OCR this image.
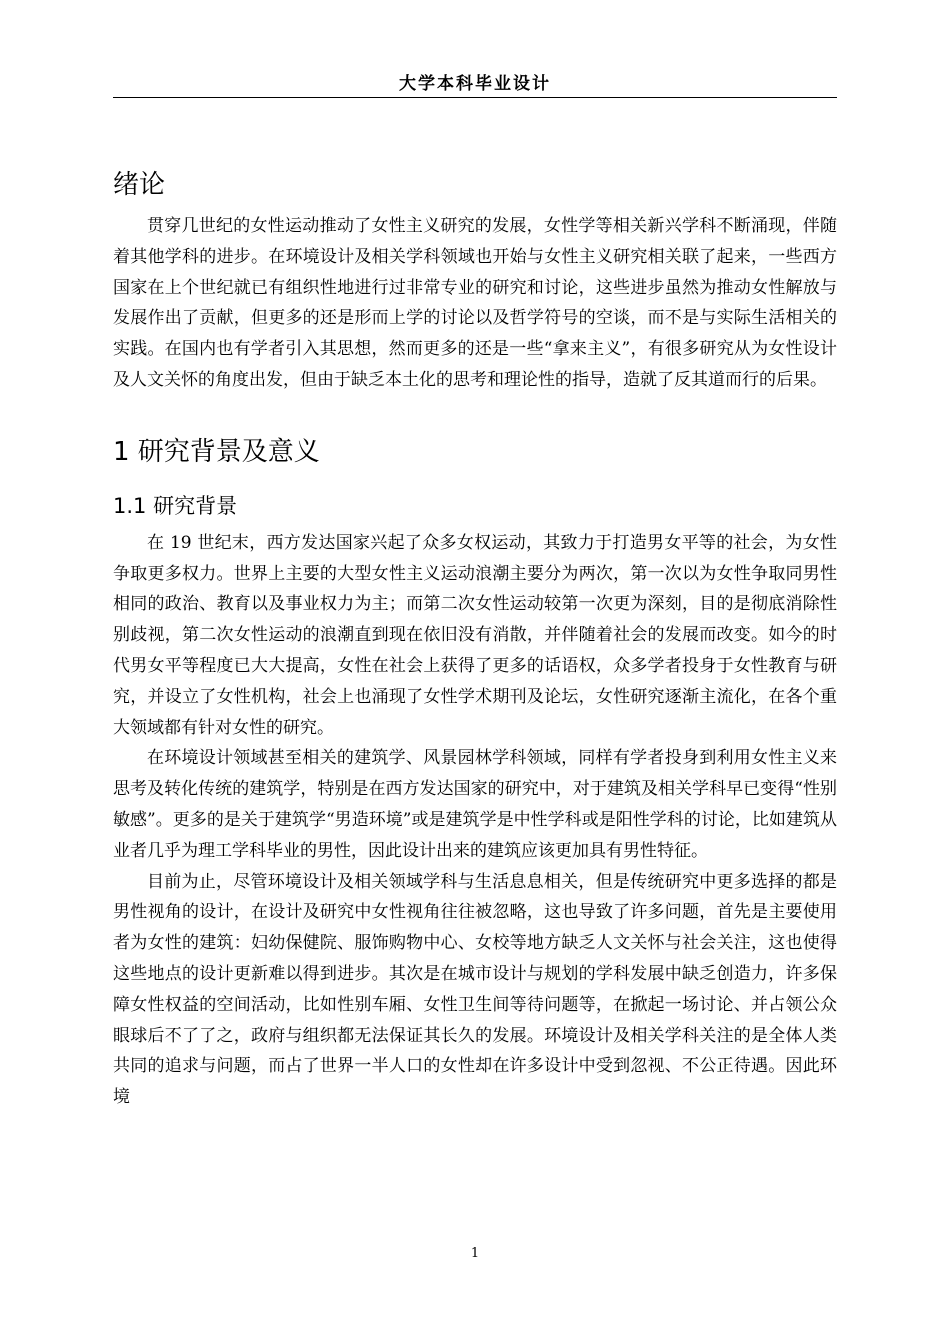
大学本科毕业设计
绪论

贯穿几世纪的女性运动推动了女性主义研究的发展，女性学等相关新兴学科不断涌现，伴随着其他学科的进步。在环境设计及相关学科领域也开始与女性主义研究相关联了起来，一些西方国家在上个世纪就已有组织性地进行过非常专业的研究和讨论，这些进步虽然为推动女性解放与发展作出了贡献，但更多的还是形而上学的讨论以及哲学符号的空谈，而不是与实际生活相关的实践。在国内也有学者引入其思想，然而更多的还是一些“拿来主义”，有很多研究从为女性设计及人文关怀的角度出发，但由于缺乏本土化的思考和理论性的指导，造就了反其道而行的后果。

1 研究背景及意义
1.1 研究背景

在 19 世纪末，西方发达国家兴起了众多女权运动，其致力于打造男女平等的社会，为女性争取更多权力。世界上主要的大型女性主义运动浪潮主要分为两次，第一次以为女性争取同男性相同的政治、教育以及事业权力为主；而第二次女性运动较第一次更为深刻，目的是彻底消除性别歧视，第二次女性运动的浪潮直到现在依旧没有消散，并伴随着社会的发展而改变。如今的时代男女平等程度已大大提高，女性在社会上获得了更多的话语权，众多学者投身于女性教育与研究，并设立了女性机构，社会上也涌现了女性学术期刊及论坛，女性研究逐渐主流化，在各个重大领域都有针对女性的研究。

在环境设计领域甚至相关的建筑学、风景园林学科领域，同样有学者投身到利用女性主义来思考及转化传统的建筑学，特别是在西方发达国家的研究中，对于建筑及相关学科早已变得“性别敏感”。更多的是关于建筑学“男造环境”或是建筑学是中性学科或是阳性学科的讨论，比如建筑从业者几乎为理工学科毕业的男性，因此设计出来的建筑应该更加具有男性特征。

目前为止，尽管环境设计及相关领域学科与生活息息相关，但是传统研究中更多选择的都是男性视角的设计，在设计及研究中女性视角往往被忽略，这也导致了许多问题，首先是主要使用者为女性的建筑：妇幼保健院、服饰购物中心、女校等地方缺乏人文关怀与社会关注，这也使得这些地点的设计更新难以得到进步。其次是在城市设计与规划的学科发展中缺乏创造力，许多保障女性权益的空间活动，比如性别车厢、女性卫生间等待问题等，在掀起一场讨论、并占领公众眼球后不了了之，政府与组织都无法保证其长久的发展。环境设计及相关学科关注的是全体人类共同的追求与问题，而占了世界一半人口的女性却在许多设计中受到忽视、不公正待遇。因此环境

1
